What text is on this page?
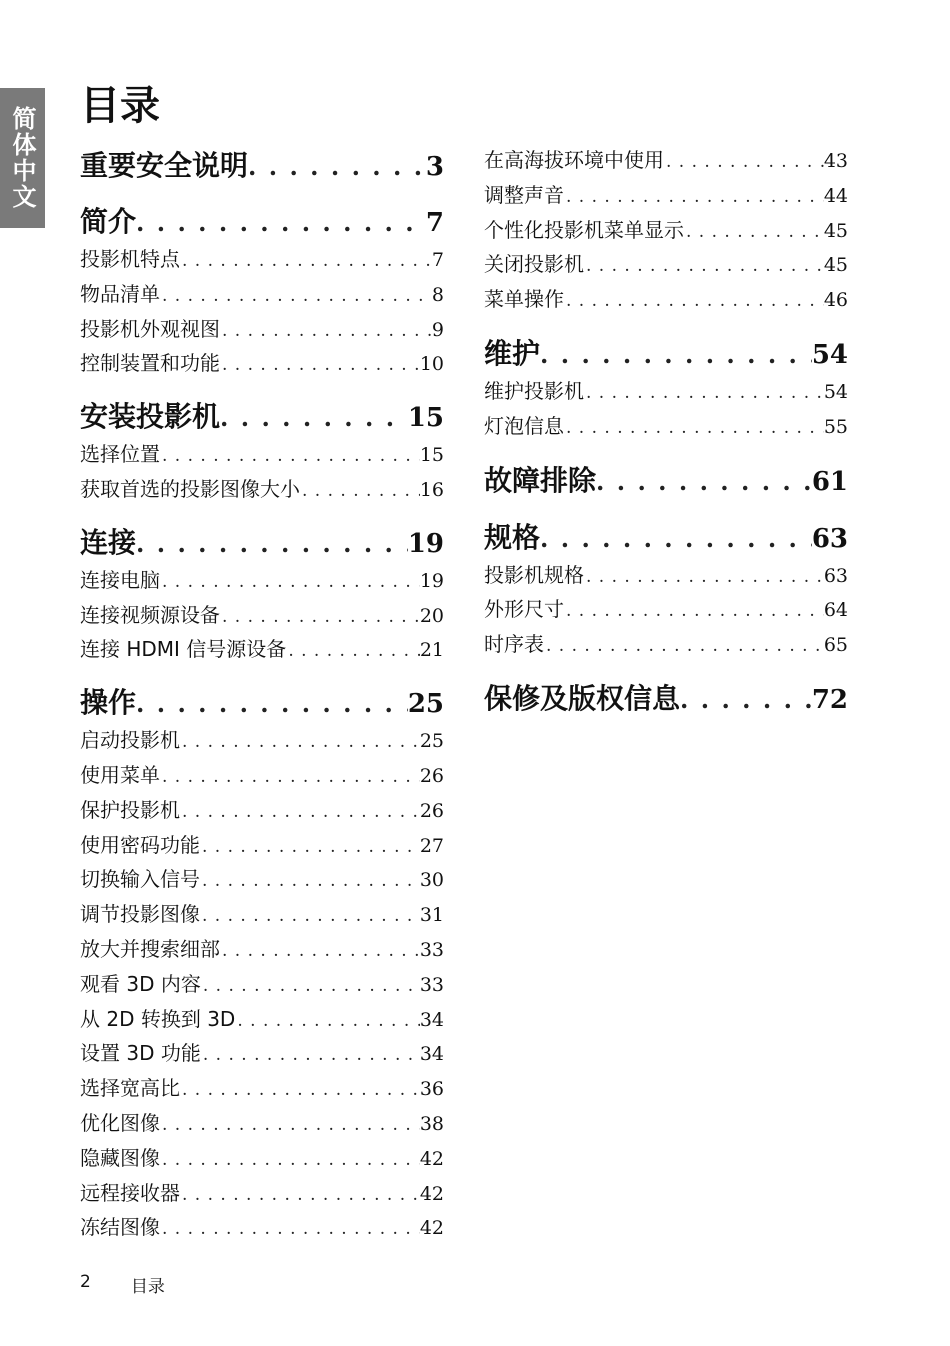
简体中文 目录
重要安全说明 . . .	3
简介 . . .	7
投影机特点 . . .	7
物品清单 . . .	8
投影机外观视图 . . .	9
控制装置和功能 . . .	10
安装投影机 . . .	15
选择位置 . . .	15
获取首选的投影图像大小 . . .	16
连接 . . .	19
连接电脑 . . .	19
连接视频源设备 . . .	20
连接 HDMI 信号源设备 . . .	21
操作 . . .	25
启动投影机 . . .	25
使用菜单 . . .	26
保护投影机 . . .	26
使用密码功能 . . .	27
切换输入信号 . . .	30
调节投影图像 . . .	31
放大并搜索细部 . . .	33
观看 3D 内容 . . .	33
从 2D 转换到 3D . . .	34
设置 3D 功能 . . .	34
选择宽高比 . . .	36
优化图像 . . .	38
隐藏图像 . . .	42
远程接收器 . . .	42
冻结图像 . . .	42
在高海拔环境中使用 . . .	43
调整声音 . . .	44
个性化投影机菜单显示 . . .	45
关闭投影机 . . .	45
菜单操作 . . .	46
维护 . . .	54
维护投影机 . . .	54
灯泡信息 . . .	55
故障排除 . . .	61
规格 . . .	63
投影机规格 . . .	63
外形尺寸 . . .	64
时序表 . . .	65
保修及版权信息 . . .	72
2 目录
